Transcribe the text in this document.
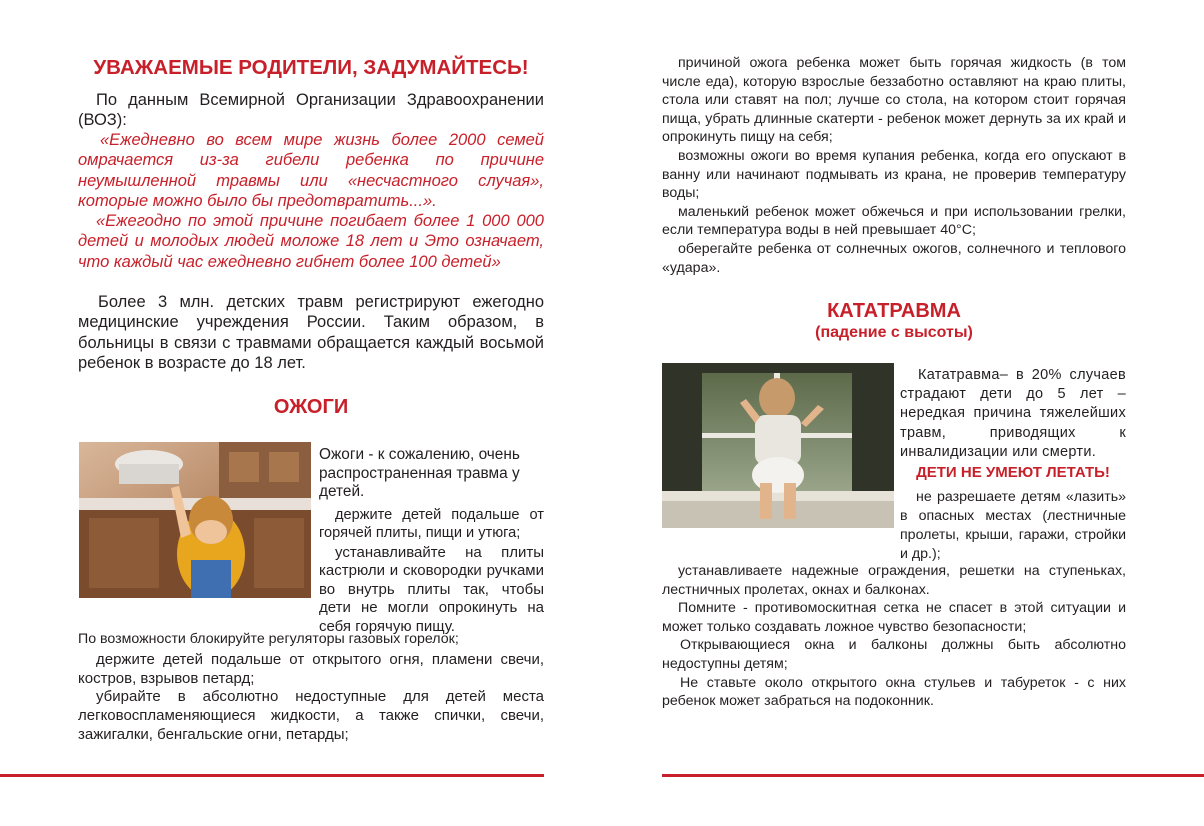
УВАЖАЕМЫЕ РОДИТЕЛИ, ЗАДУМАЙТЕСЬ!

По данным Всемирной Организации Здравоохранении (ВОЗ):

«Ежедневно во всем мире жизнь более 2000 семей омрачается из-за гибели ребенка по причине неумышленной травмы или «несчастного случая», которые можно было бы предотвратить...».

«Ежегодно по этой причине погибает более 1 000 000 детей и молодых людей моложе 18 лет и Это означает, что каждый час ежедневно гибнет более 100 детей»

Более 3 млн. детских травм регистрируют ежегодно медицинские учреждения России. Таким образом, в больницы в связи с травмами обращается каждый восьмой ребенок в возрасте до 18 лет.

ОЖОГИ

Ожоги - к сожалению, очень распространенная травма у детей.

держите детей подальше от горячей плиты, пищи и утюга;

устанавливайте на плиты кастрюли и сковородки ручками во внутрь плиты так, чтобы дети не могли опрокинуть на себя горячую пищу.

По возможности блокируйте регуляторы газовых горелок;

держите детей подальше от открытого огня, пламени свечи, костров, взрывов петард;

убирайте в абсолютно недоступные для детей места легковоспламеняющиеся жидкости, а также спички, свечи, зажигалки, бенгальские огни, петарды;

причиной ожога ребенка может быть горячая жидкость (в том числе еда), которую взрослые беззаботно оставляют на краю плиты, стола или ставят на пол; лучше со стола, на котором стоит горячая пища, убрать длинные скатерти - ребенок может дернуть за их край и опрокинуть пищу на себя;

возможны ожоги во время купания ребенка, когда его опускают в ванну или начинают подмывать из крана, не проверив температуру воды;

маленький ребенок может обжечься и при использовании грелки, если температура воды в ней превышает 40°С;

оберегайте ребенка от солнечных ожогов, солнечного и теплового «удара».

КАТАТРАВМА
(падение с высоты)

Кататравма– в 20% случаев страдают дети до 5 лет – нередкая причина тяжелейших травм, приводящих к инвалидизации или смерти.

ДЕТИ НЕ УМЕЮТ ЛЕТАТЬ!

не разрешаете детям «лазить» в опасных местах (лестничные пролеты, крыши, гаражи, стройки и др.);

устанавливаете надежные ограждения, решетки на ступеньках, лестничных пролетах, окнах и балконах.

Помните - противомоскитная сетка не спасет в этой ситуации и может только создавать ложное чувство безопасности;

Открывающиеся окна и балконы должны быть абсолютно недоступны детям;

Не ставьте около открытого окна стульев и табуреток - с них ребенок может забраться на подоконник.
